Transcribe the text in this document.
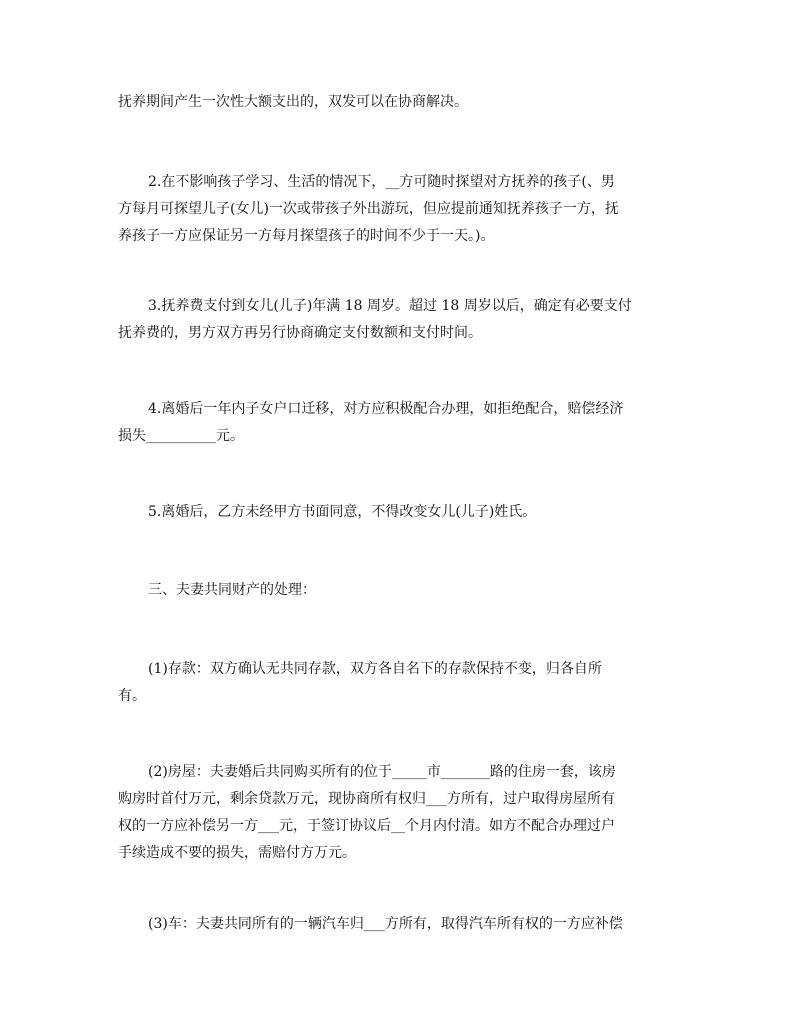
抚养期间产生一次性大额支出的，双发可以在协商解决。

2.在不影响孩子学习、生活的情况下，__方可随时探望对方抚养的孩子(、男
方每月可探望儿子(女儿)一次或带孩子外出游玩，但应提前通知抚养孩子一方，抚
养孩子一方应保证另一方每月探望孩子的时间不少于一天。)。

3.抚养费支付到女儿(儿子)年满 18 周岁。超过 18 周岁以后，确定有必要支付
抚养费的，男方双方再另行协商确定支付数额和支付时间。

4.离婚后一年内子女户口迁移，对方应积极配合办理，如拒绝配合，赔偿经济
损失__________元。

5.离婚后，乙方未经甲方书面同意，不得改变女儿(儿子)姓氏。

三、夫妻共同财产的处理：

(1)存款：双方确认无共同存款，双方各自名下的存款保持不变，归各自所
有。

(2)房屋：夫妻婚后共同购买所有的位于_____市_______路的住房一套，该房
购房时首付万元，剩余贷款万元，现协商所有权归___方所有，过户取得房屋所有
权的一方应补偿另一方___元，于签订协议后__个月内付清。如方不配合办理过户
手续造成不要的损失，需赔付方万元。

(3)车：夫妻共同所有的一辆汽车归___方所有，取得汽车所有权的一方应补偿
